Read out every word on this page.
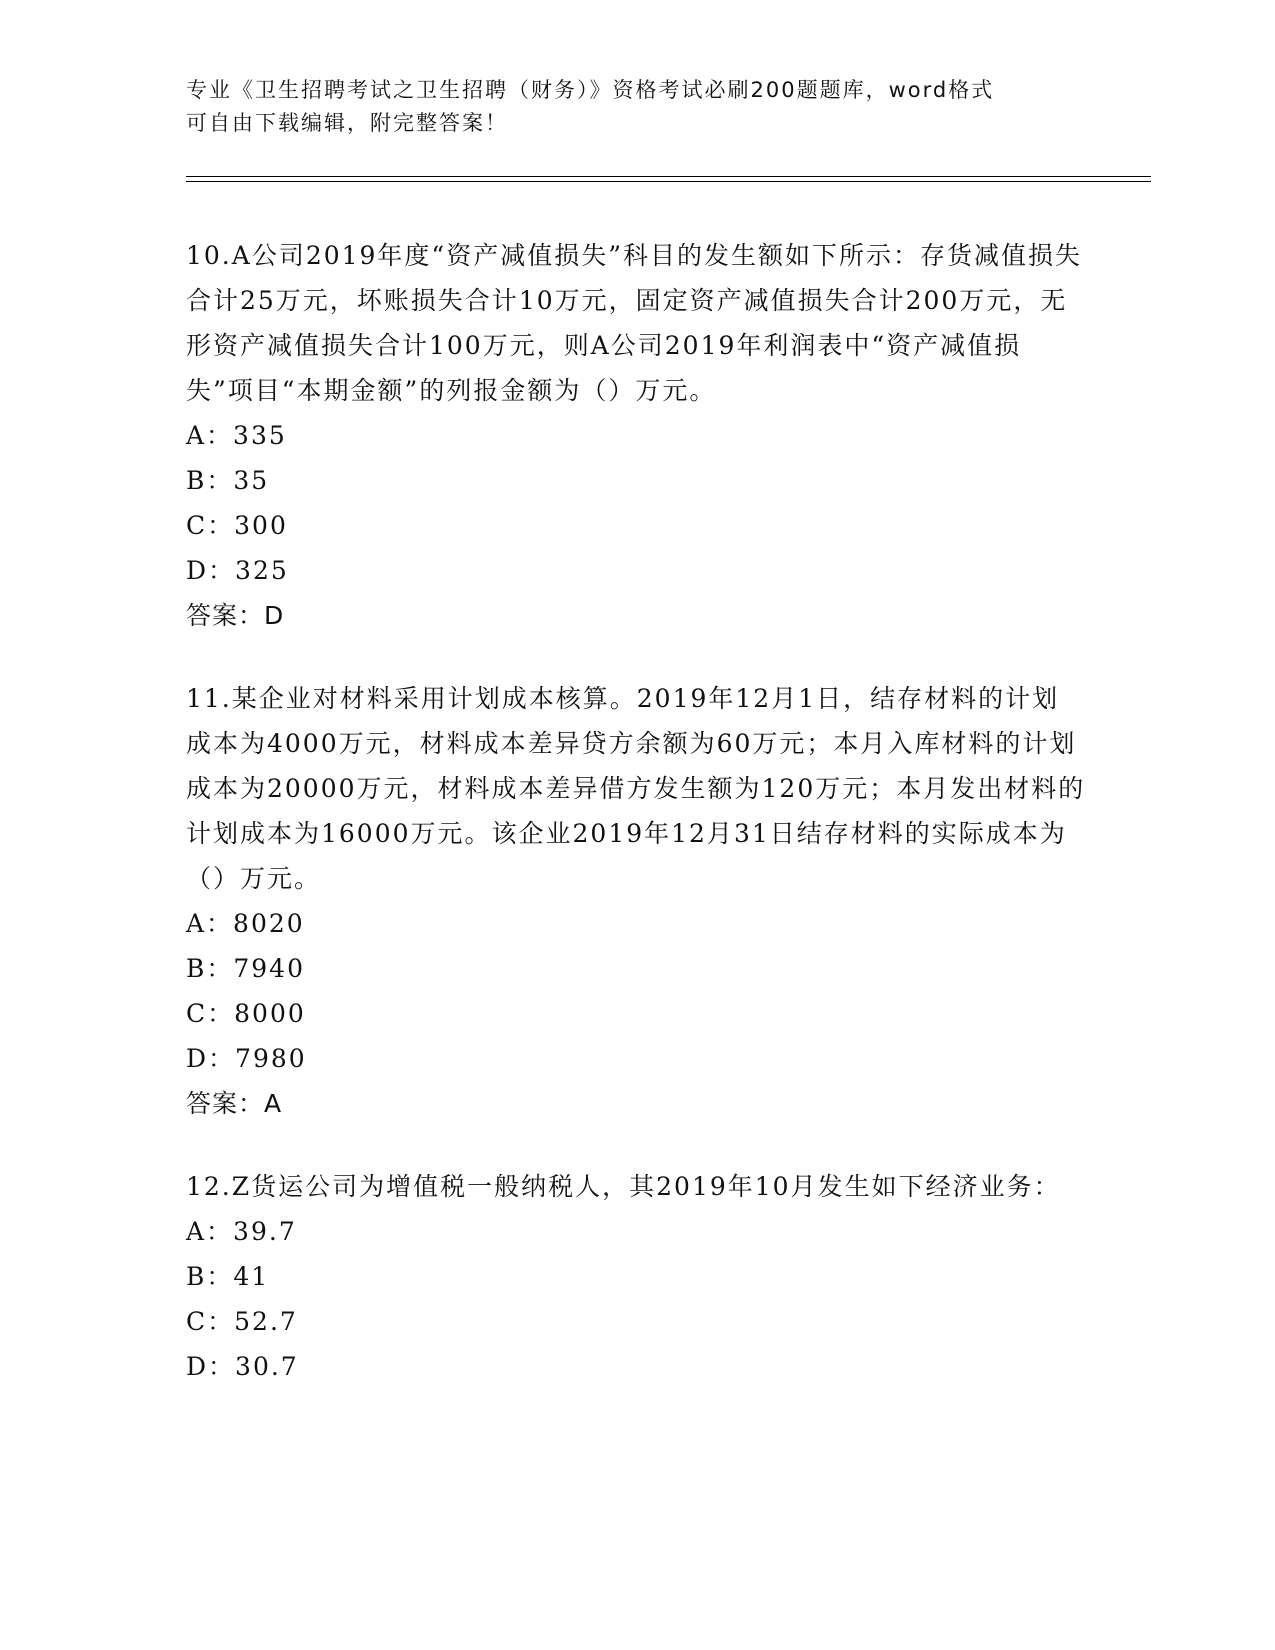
专业《卫生招聘考试之卫生招聘（财务）》资格考试必刷200题题库，word格式
可自由下载编辑，附完整答案！
10.A公司2019年度“资产减值损失”科目的发生额如下所示：存货减值损失合计25万元，坏账损失合计10万元，固定资产减值损失合计200万元，无形资产减值损失合计100万元，则A公司2019年利润表中“资产减值损失”项目“本期金额”的列报金额为（）万元。
A：335
B：35
C：300
D：325
答案：D
11.某企业对材料采用计划成本核算。2019年12月1日，结存材料的计划成本为4000万元，材料成本差异贷方余额为60万元；本月入库材料的计划成本为20000万元，材料成本差异借方发生额为120万元；本月发出材料的计划成本为16000万元。该企业2019年12月31日结存材料的实际成本为（）万元。
A：8020
B：7940
C：8000
D：7980
答案：A
12.Z货运公司为增值税一般纳税人，其2019年10月发生如下经济业务：
A：39.7
B：41
C：52.7
D：30.7
